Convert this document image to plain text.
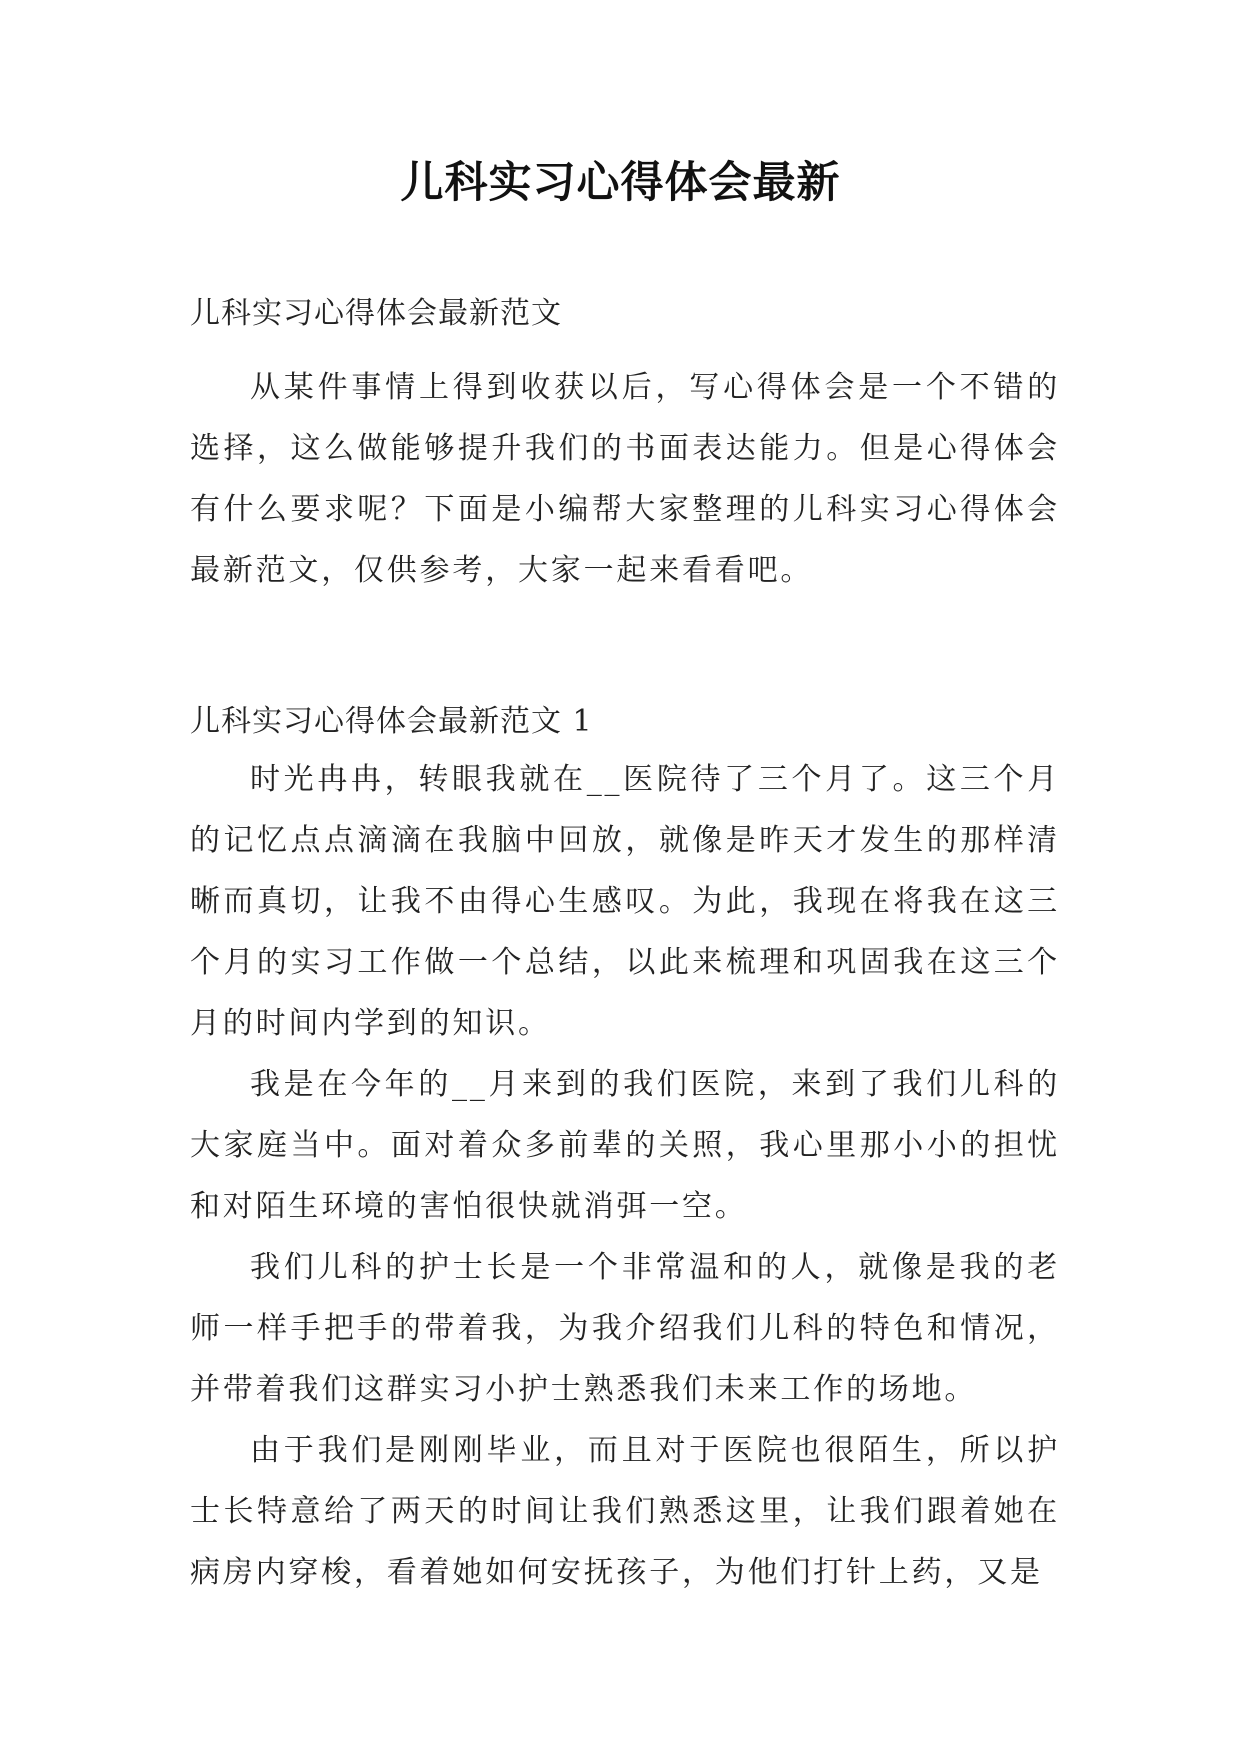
儿科实习心得体会最新
儿科实习心得体会最新范文

从某件事情上得到收获以后，写心得体会是一个不错的选择，这么做能够提升我们的书面表达能力。但是心得体会有什么要求呢？下面是小编帮大家整理的儿科实习心得体会最新范文，仅供参考，大家一起来看看吧。

儿科实习心得体会最新范文 1

时光冉冉，转眼我就在__医院待了三个月了。这三个月的记忆点点滴滴在我脑中回放，就像是昨天才发生的那样清晰而真切，让我不由得心生感叹。为此，我现在将我在这三个月的实习工作做一个总结，以此来梳理和巩固我在这三个月的时间内学到的知识。

我是在今年的__月来到的我们医院，来到了我们儿科的大家庭当中。面对着众多前辈的关照，我心里那小小的担忧和对陌生环境的害怕很快就消弭一空。

我们儿科的护士长是一个非常温和的人，就像是我的老师一样手把手的带着我，为我介绍我们儿科的特色和情况，并带着我们这群实习小护士熟悉我们未来工作的场地。

由于我们是刚刚毕业，而且对于医院也很陌生，所以护士长特意给了两天的时间让我们熟悉这里，让我们跟着她在病房内穿梭，看着她如何安抚孩子，为他们打针上药，又是
